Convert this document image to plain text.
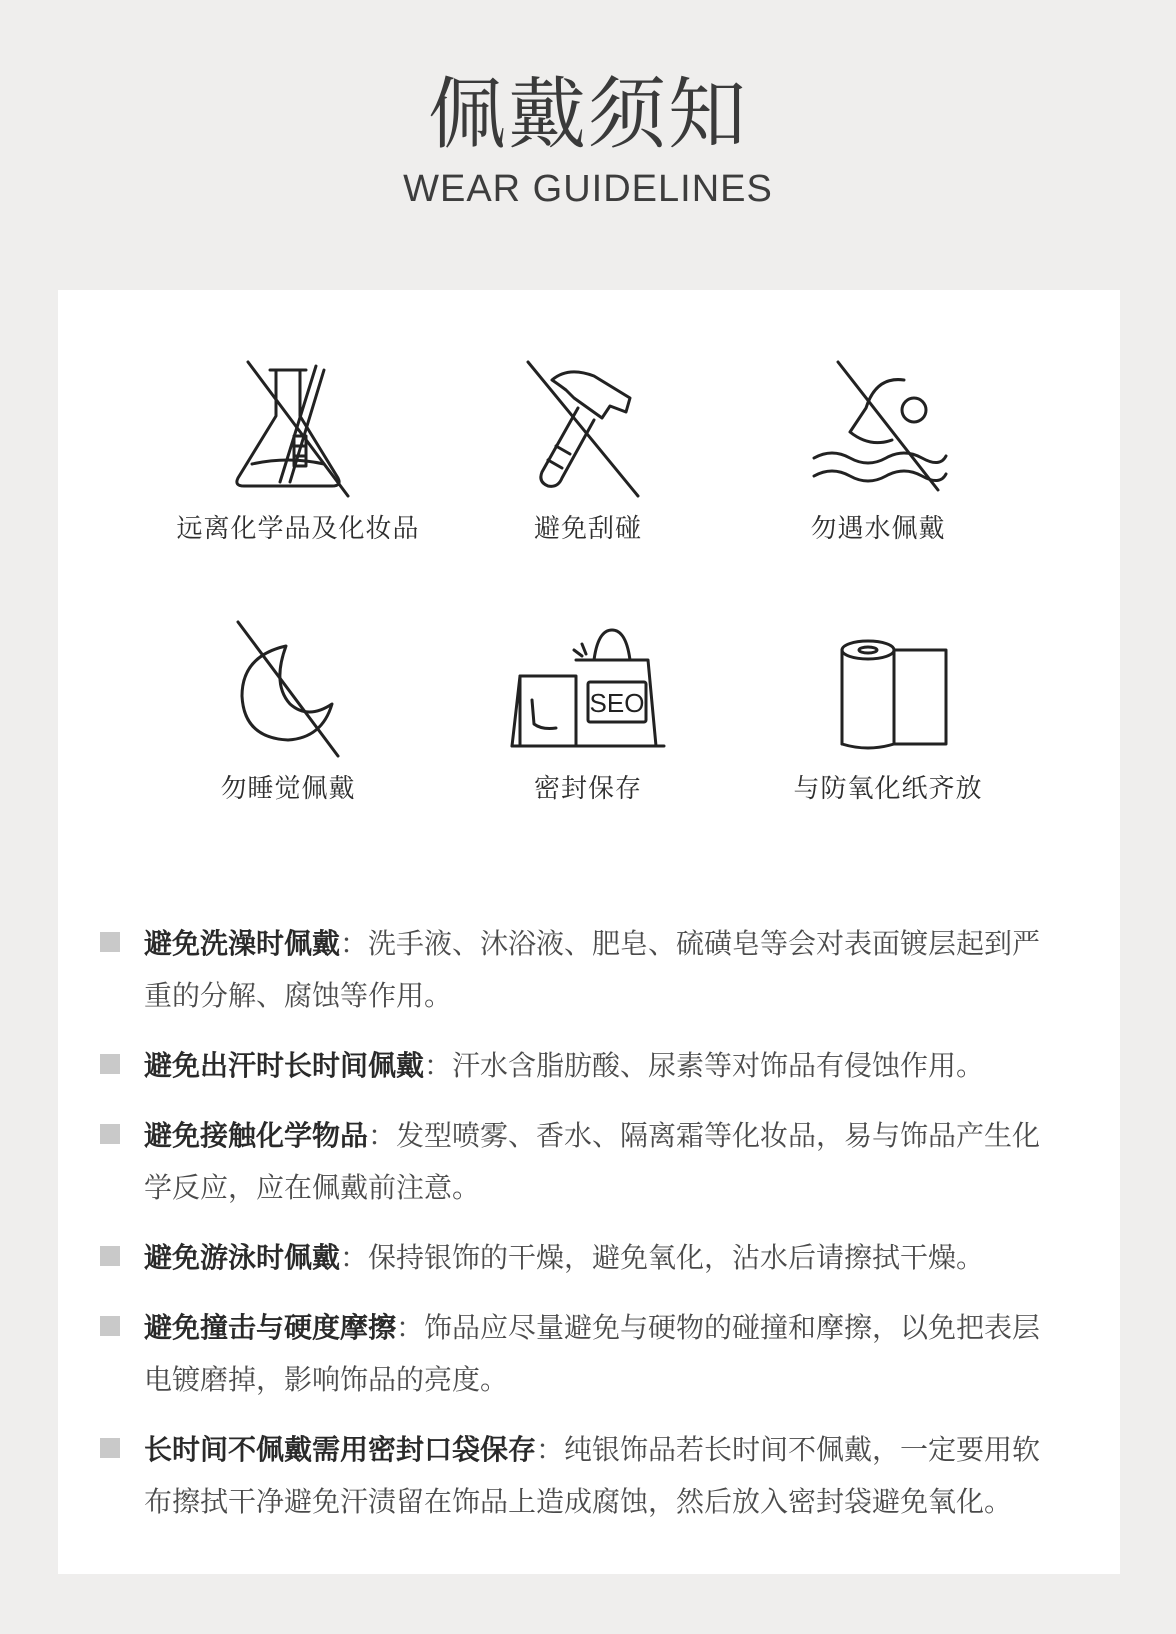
佩戴须知
WEAR GUIDELINES
远离化学品及化妆品	避免刮碰	勿遇水佩戴
勿睡觉佩戴
SEO
密封保存	与防氧化纸齐放
避免洗澡时佩戴：洗手液、沐浴液、肥皂、硫磺皂等会对表面镀层起到严重的分解、腐蚀等作用。
避免出汗时长时间佩戴：汗水含脂肪酸、尿素等对饰品有侵蚀作用。
避免接触化学物品：发型喷雾、香水、隔离霜等化妆品，易与饰品产生化学反应，应在佩戴前注意。
避免游泳时佩戴：保持银饰的干燥，避免氧化，沾水后请擦拭干燥。
避免撞击与硬度摩擦：饰品应尽量避免与硬物的碰撞和摩擦，以免把表层电镀磨掉，影响饰品的亮度。
长时间不佩戴需用密封口袋保存：纯银饰品若长时间不佩戴，一定要用软布擦拭干净避免汗渍留在饰品上造成腐蚀，然后放入密封袋避免氧化。
